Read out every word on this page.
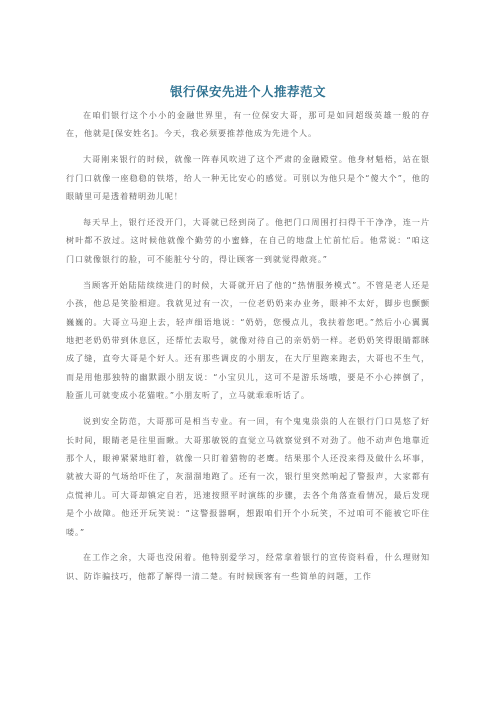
银行保安先进个人推荐范文

在咱们银行这个小小的金融世界里，有一位保安大哥，那可是如同超级英雄一般的存在，他就是[保安姓名]。今天，我必须要推荐他成为先进个人。

大哥刚来银行的时候，就像一阵春风吹进了这个严肃的金融殿堂。他身材魁梧，站在银行门口就像一座稳稳的铁塔，给人一种无比安心的感觉。可别以为他只是个“傻大个”，他的眼睛里可是透着精明劲儿呢！

每天早上，银行还没开门，大哥就已经到岗了。他把门口周围打扫得干干净净，连一片树叶都不放过。这时候他就像个勤劳的小蜜蜂，在自己的地盘上忙前忙后。他常说：“咱这门口就像银行的脸，可不能脏兮兮的，得让顾客一到就觉得敞亮。”

当顾客开始陆陆续续进门的时候，大哥就开启了他的“热情服务模式”。不管是老人还是小孩，他总是笑脸相迎。我就见过有一次，一位老奶奶来办业务，眼神不太好，脚步也颤颤巍巍的。大哥立马迎上去，轻声细语地说：“奶奶，您慢点儿，我扶着您吧。”然后小心翼翼地把老奶奶带到休息区，还帮忙去取号，就像对待自己的亲奶奶一样。老奶奶笑得眼睛都眯成了缝，直夸大哥是个好人。还有那些调皮的小朋友，在大厅里跑来跑去，大哥也不生气，而是用他那独特的幽默跟小朋友说：“小宝贝儿，这可不是游乐场哦，要是不小心摔倒了，脸蛋儿可就变成小花猫啦。”小朋友听了，立马就乖乖听话了。

说到安全防范，大哥那可是相当专业。有一回，有个鬼鬼祟祟的人在银行门口晃悠了好长时间，眼睛老是往里面瞅。大哥那敏锐的直觉立马就察觉到不对劲了。他不动声色地靠近那个人，眼神紧紧地盯着，就像一只盯着猎物的老鹰。结果那个人还没来得及做什么坏事，就被大哥的气场给吓住了，灰溜溜地跑了。还有一次，银行里突然响起了警报声，大家都有点慌神儿。可大哥却镇定自若，迅速按照平时演练的步骤，去各个角落查看情况，最后发现是个小故障。他还开玩笑说：“这警报器啊，想跟咱们开个小玩笑，不过咱可不能被它吓住喽。”

在工作之余，大哥也没闲着。他特别爱学习，经常拿着银行的宣传资料看，什么理财知识、防诈骗技巧，他都了解得一清二楚。有时候顾客有一些简单的问题，工作
